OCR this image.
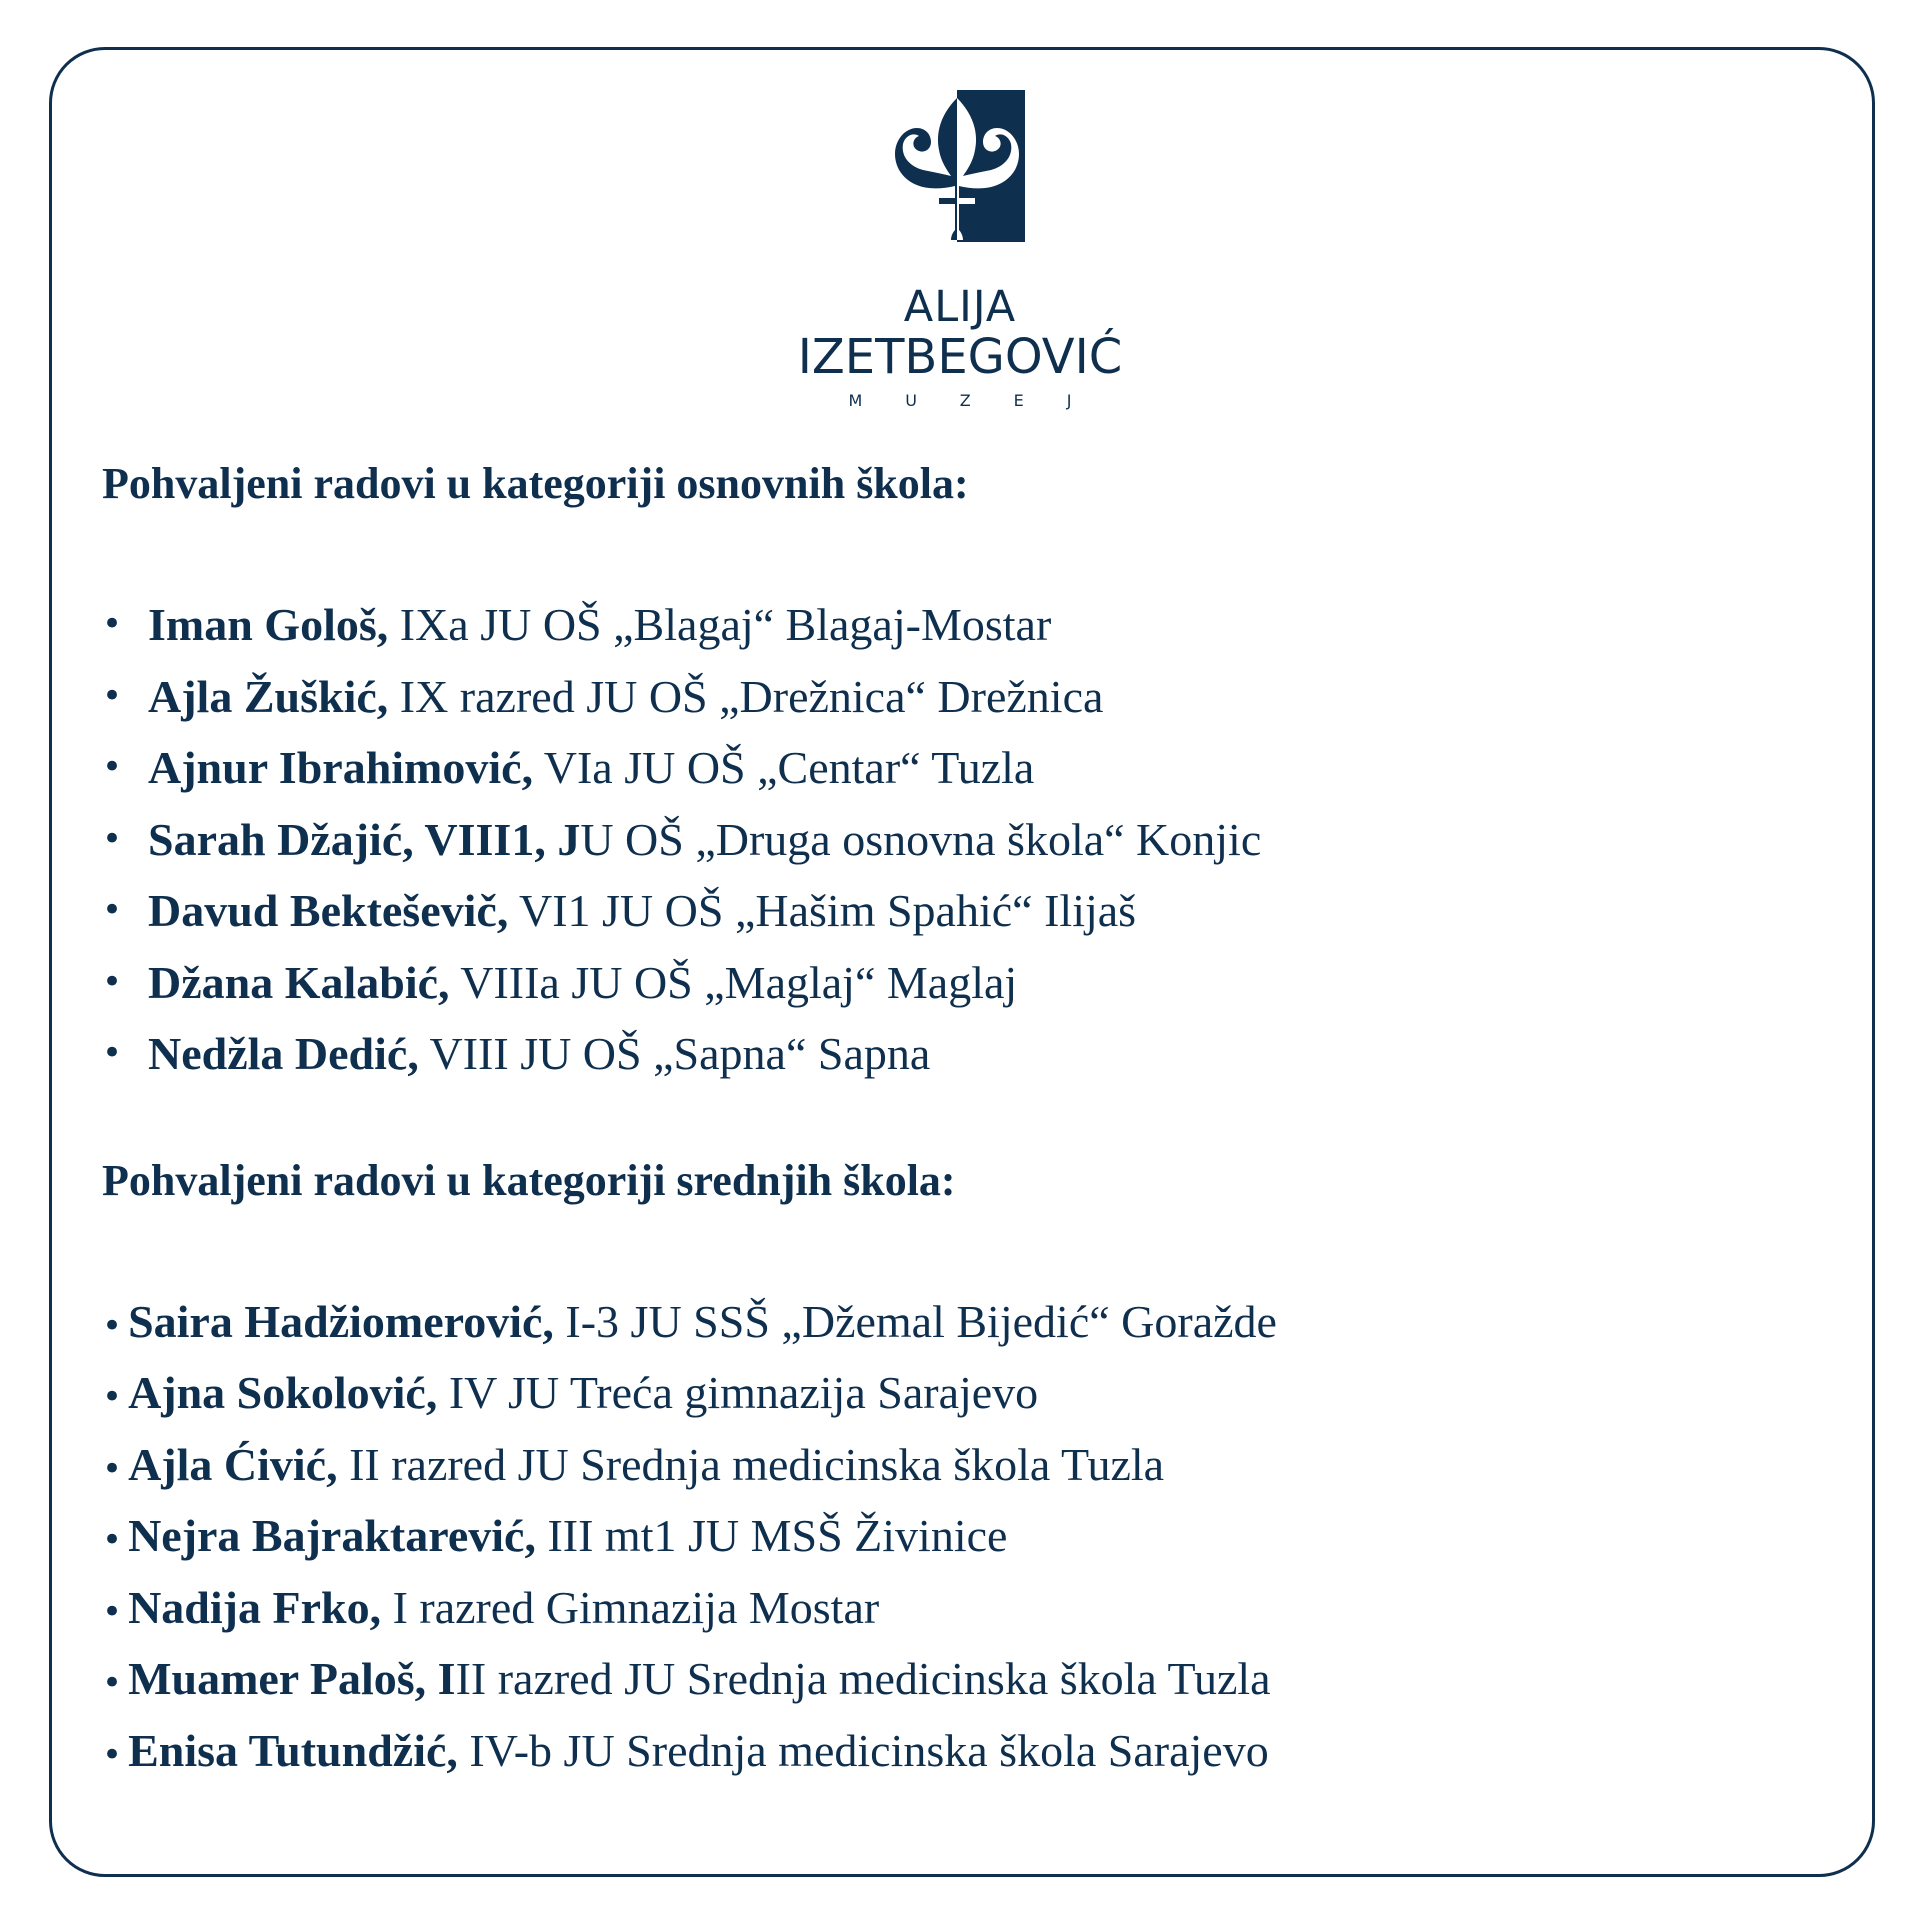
ALIJA
IZETBEGOVIĆ
MUZEJ
Pohvaljeni radovi u kategoriji osnovnih škola:
• Iman Gološ, IXa JU OŠ „Blagaj“ Blagaj-Mostar
• Ajla Žuškić, IX razred JU OŠ „Drežnica“ Drežnica
• Ajnur Ibrahimović, VIa JU OŠ „Centar“ Tuzla
• Sarah Džajić, VIII1, JU OŠ „Druga osnovna škola“ Konjic
• Davud Bekteševič, VI1 JU OŠ „Hašim Spahić“ Ilijaš
• Džana Kalabić, VIIIa JU OŠ „Maglaj“ Maglaj
• Nedžla Dedić, VIII JU OŠ „Sapna“ Sapna
Pohvaljeni radovi u kategoriji srednjih škola:
• Saira Hadžiomerović, I-3 JU SSŠ „Džemal Bijedić“ Goražde
• Ajna Sokolović, IV JU Treća gimnazija Sarajevo
• Ajla Ćivić, II razred JU Srednja medicinska škola Tuzla
• Nejra Bajraktarević, III mt1 JU MSŠ Živinice
• Nadija Frko, I razred Gimnazija Mostar
• Muamer Paloš, III razred JU Srednja medicinska škola Tuzla
• Enisa Tutundžić, IV-b JU Srednja medicinska škola Sarajevo
